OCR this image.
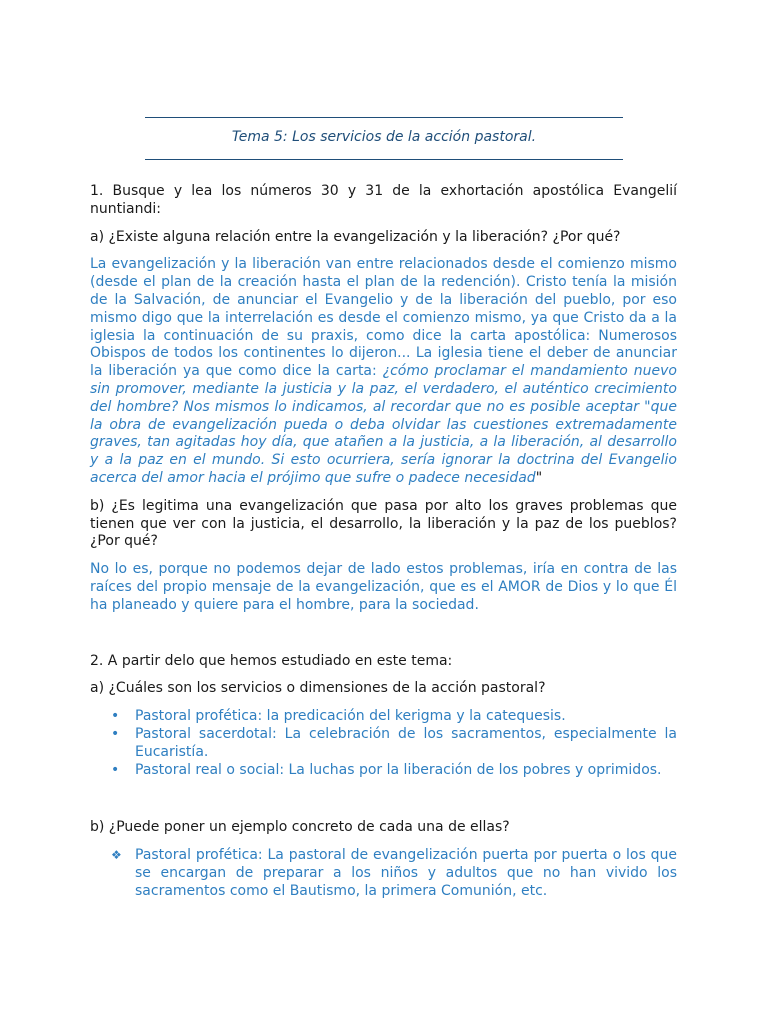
Tema 5: Los servicios de la acción pastoral.

1. Busque y lea los números 30 y 31 de la exhortación apostólica Evangelií nuntiandi:

a) ¿Existe alguna relación entre la evangelización y la liberación? ¿Por qué?

La evangelización y la liberación van entre relacionados desde el comienzo mismo (desde el plan de la creación hasta el plan de la redención). Cristo tenía la misión de la Salvación, de anunciar el Evangelio y de la liberación del pueblo, por eso mismo digo que la interrelación es desde el comienzo mismo, ya que Cristo da a la iglesia la continuación de su praxis, como dice la carta apostólica: Numerosos Obispos de todos los continentes lo dijeron... La iglesia tiene el deber de anunciar la liberación ya que como dice la carta: ¿cómo proclamar el mandamiento nuevo sin promover, mediante la justicia y la paz, el verdadero, el auténtico crecimiento del hombre? Nos mismos lo indicamos, al recordar que no es posible aceptar "que la obra de evangelización pueda o deba olvidar las cuestiones extremadamente graves, tan agitadas hoy día, que atañen a la justicia, a la liberación, al desarrollo y a la paz en el mundo. Si esto ocurriera, sería ignorar la doctrina del Evangelio acerca del amor hacia el prójimo que sufre o padece necesidad"

b) ¿Es legitima una evangelización que pasa por alto los graves problemas que tienen que ver con la justicia, el desarrollo, la liberación y la paz de los pueblos? ¿Por qué?

No lo es, porque no podemos dejar de lado estos problemas, iría en contra de las raíces del propio mensaje de la evangelización, que es el AMOR de Dios y lo que Él ha planeado y quiere para el hombre, para la sociedad.

2. A partir delo que hemos estudiado en este tema:

a) ¿Cuáles son los servicios o dimensiones de la acción pastoral?

• Pastoral profética: la predicación del kerigma y la catequesis.
• Pastoral sacerdotal: La celebración de los sacramentos, especialmente la Eucaristía.
• Pastoral real o social: La luchas por la liberación de los pobres y oprimidos.

b) ¿Puede poner un ejemplo concreto de cada una de ellas?

❖ Pastoral profética: La pastoral de evangelización puerta por puerta o los que se encargan de preparar a los niños y adultos que no han vivido los sacramentos como el Bautismo, la primera Comunión, etc.
